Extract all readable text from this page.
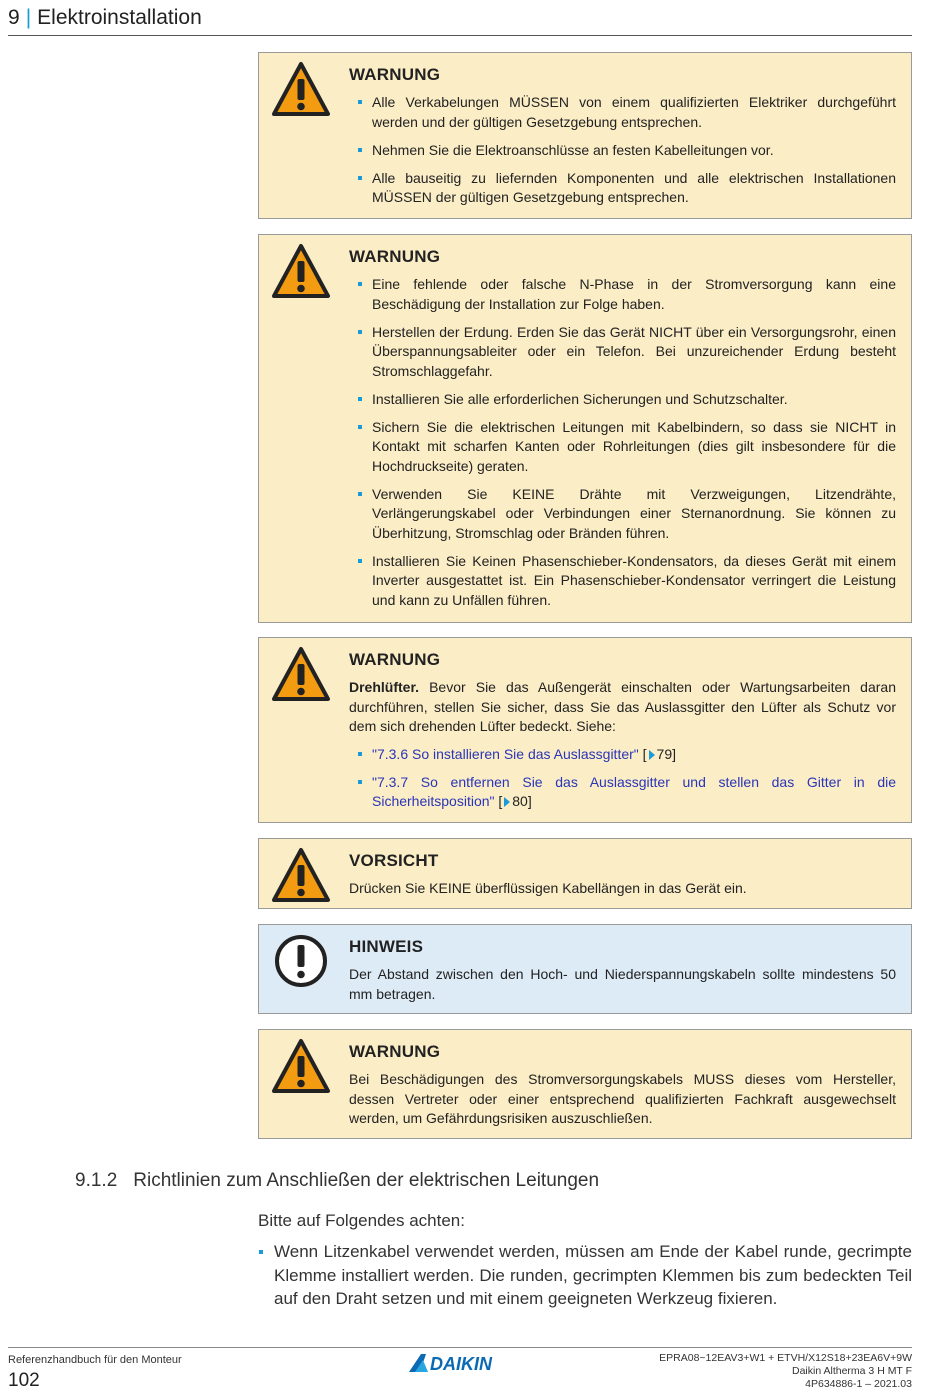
9 | Elektroinstallation
WARNUNG
Alle Verkabelungen MÜSSEN von einem qualifizierten Elektriker durchgeführt werden und der gültigen Gesetzgebung entsprechen.
Nehmen Sie die Elektroanschlüsse an festen Kabelleitungen vor.
Alle bauseitig zu liefernden Komponenten und alle elektrischen Installationen MÜSSEN der gültigen Gesetzgebung entsprechen.
WARNUNG
Eine fehlende oder falsche N-Phase in der Stromversorgung kann eine Beschädigung der Installation zur Folge haben.
Herstellen der Erdung. Erden Sie das Gerät NICHT über ein Versorgungsrohr, einen Überspannungsableiter oder ein Telefon. Bei unzureichender Erdung besteht Stromschlaggefahr.
Installieren Sie alle erforderlichen Sicherungen und Schutzschalter.
Sichern Sie die elektrischen Leitungen mit Kabelbindern, so dass sie NICHT in Kontakt mit scharfen Kanten oder Rohrleitungen (dies gilt insbesondere für die Hochdruckseite) geraten.
Verwenden Sie KEINE Drähte mit Verzweigungen, Litzendrähte, Verlängerungskabel oder Verbindungen einer Sternanordnung. Sie können zu Überhitzung, Stromschlag oder Bränden führen.
Installieren Sie Keinen Phasenschieber-Kondensators, da dieses Gerät mit einem Inverter ausgestattet ist. Ein Phasenschieber-Kondensator verringert die Leistung und kann zu Unfällen führen.
WARNUNG

Drehlüfter. Bevor Sie das Außengerät einschalten oder Wartungsarbeiten daran durchführen, stellen Sie sicher, dass Sie das Auslassgitter den Lüfter als Schutz vor dem sich drehenden Lüfter bedeckt. Siehe:

"7.3.6 So installieren Sie das Auslassgitter" [ 79]
"7.3.7 So entfernen Sie das Auslassgitter und stellen das Gitter in die Sicherheitsposition" [ 80]
VORSICHT

Drücken Sie KEINE überflüssigen Kabellängen in das Gerät ein.

HINWEIS

Der Abstand zwischen den Hoch- und Niederspannungskabeln sollte mindestens 50 mm betragen.

WARNUNG

Bei Beschädigungen des Stromversorgungskabels MUSS dieses vom Hersteller, dessen Vertreter oder einer entsprechend qualifizierten Fachkraft ausgewechselt werden, um Gefährdungsrisiken auszuschließen.

9.1.2 Richtlinien zum Anschließen der elektrischen Leitungen
Bitte auf Folgendes achten:
Wenn Litzenkabel verwendet werden, müssen am Ende der Kabel runde, gecrimpte Klemme installiert werden. Die runden, gecrimpten Klemmen bis zum bedeckten Teil auf den Draht setzen und mit einem geeigneten Werkzeug fixieren.
Referenzhandbuch für den Monteur
102
DAIKIN	EPRA08~12EAV3+W1 + ETVH/X12S18+23EA6V+9W
Daikin Altherma 3 H MT F
4P634886-1 – 2021.03
